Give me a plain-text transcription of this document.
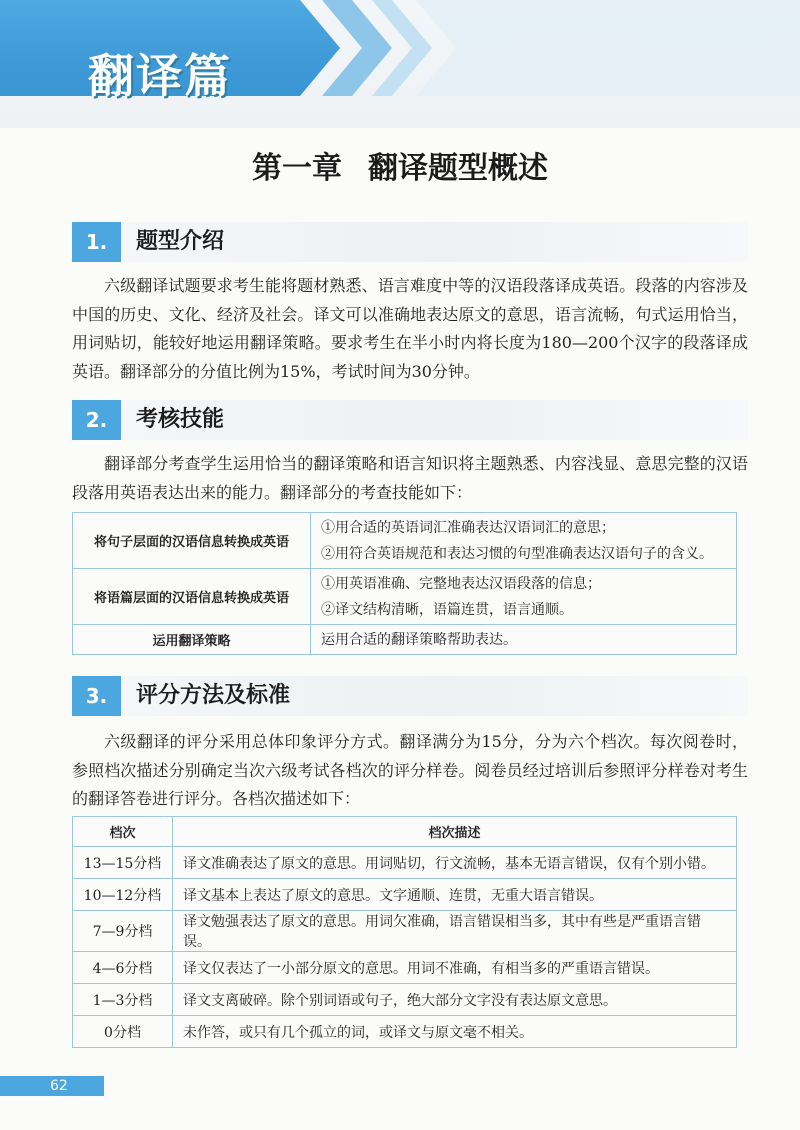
翻译篇
第一章 翻译题型概述
1.	题型介绍
六级翻译试题要求考生能将题材熟悉、语言难度中等的汉语段落译成英语。段落的内容涉及中国的历史、文化、经济及社会。译文可以准确地表达原文的意思，语言流畅，句式运用恰当，用词贴切，能较好地运用翻译策略。要求考生在半小时内将长度为180—200个汉字的段落译成英语。翻译部分的分值比例为15%，考试时间为30分钟。
2.	考核技能
翻译部分考查学生运用恰当的翻译策略和语言知识将主题熟悉、内容浅显、意思完整的汉语段落用英语表达出来的能力。翻译部分的考查技能如下：
将句子层面的汉语信息转换成英语	①用合适的英语词汇准确表达汉语词汇的意思；
②用符合英语规范和表达习惯的句型准确表达汉语句子的含义。

将语篇层面的汉语信息转换成英语	①用英语准确、完整地表达汉语段落的信息；
②译文结构清晰，语篇连贯，语言通顺。

运用翻译策略	运用合适的翻译策略帮助表达。
3.	评分方法及标准
六级翻译的评分采用总体印象评分方式。翻译满分为15分，分为六个档次。每次阅卷时，参照档次描述分别确定当次六级考试各档次的评分样卷。阅卷员经过培训后参照评分样卷对考生的翻译答卷进行评分。各档次描述如下：
档次	档次描述
13—15分档	译文准确表达了原文的意思。用词贴切，行文流畅，基本无语言错误，仅有个别小错。
10—12分档	译文基本上表达了原文的意思。文字通顺、连贯，无重大语言错误。
7—9分档	译文勉强表达了原文的意思。用词欠准确，语言错误相当多，其中有些是严重语言错误。
4—6分档	译文仅表达了一小部分原文的意思。用词不准确，有相当多的严重语言错误。
1—3分档	译文支离破碎。除个别词语或句子，绝大部分文字没有表达原文意思。
0分档	未作答，或只有几个孤立的词，或译文与原文毫不相关。
62
